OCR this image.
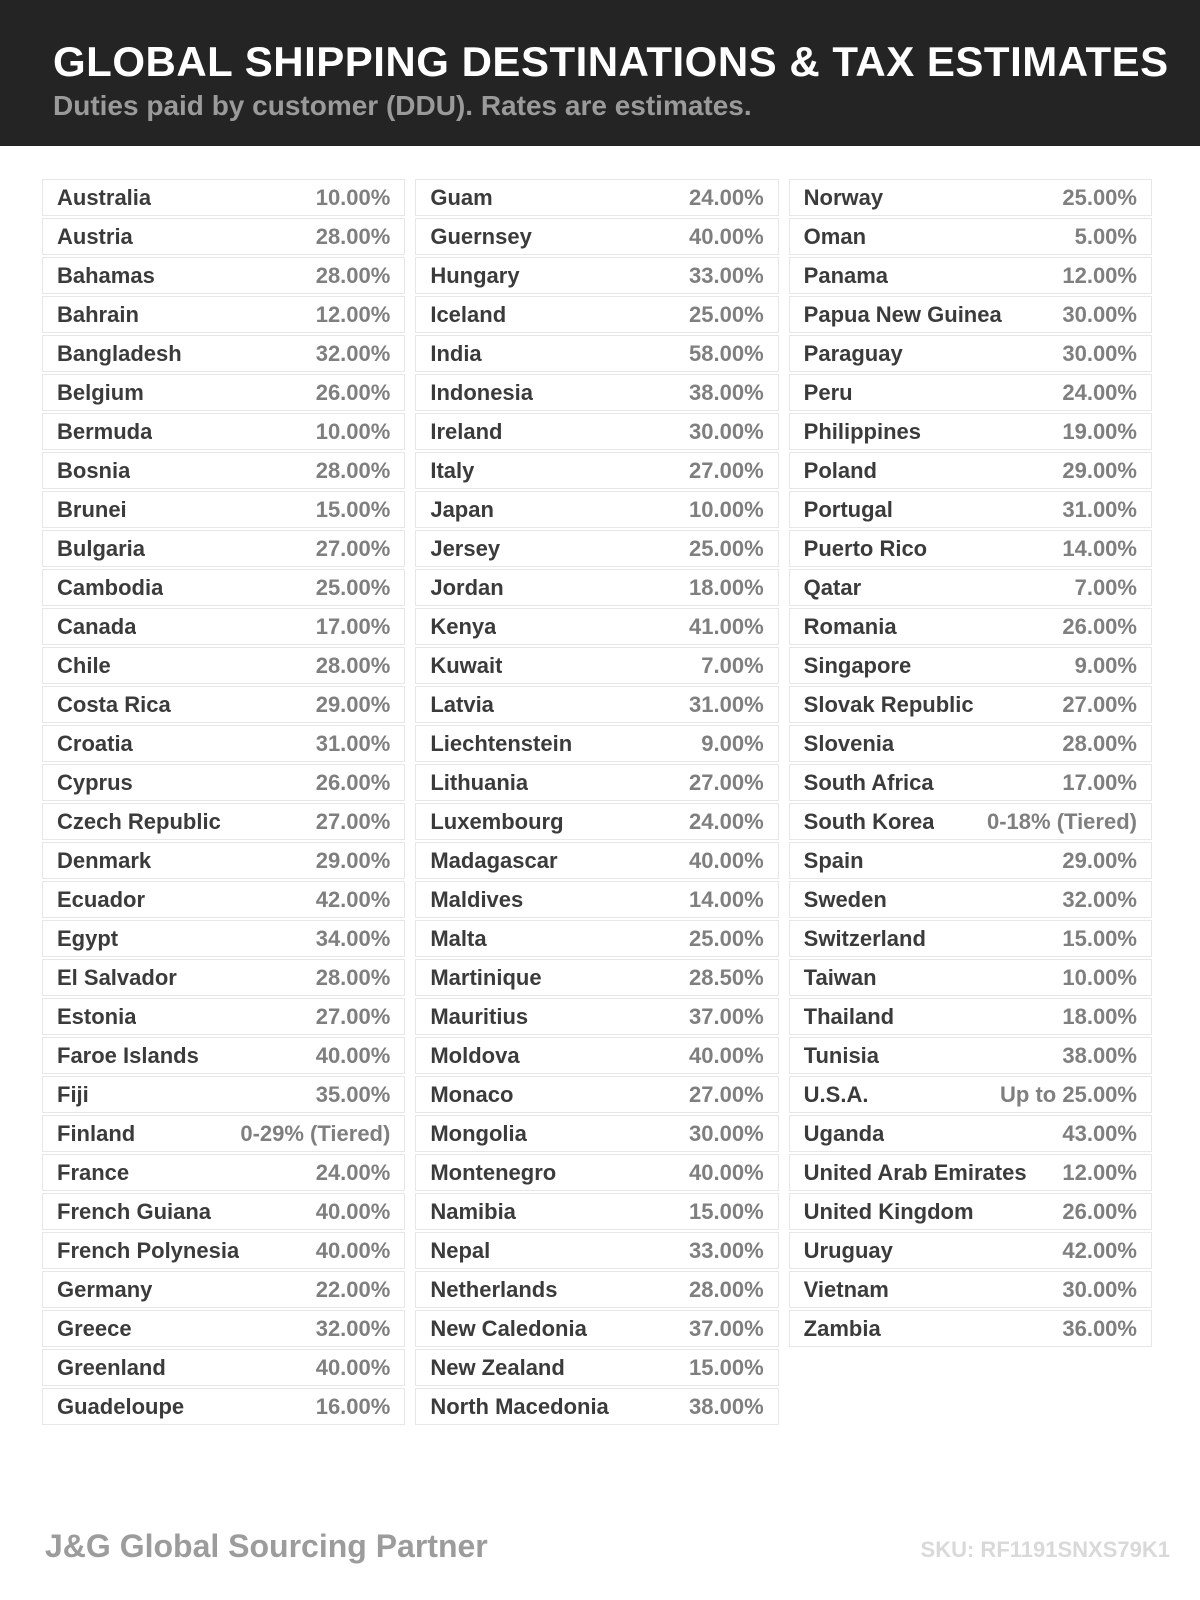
GLOBAL SHIPPING DESTINATIONS & TAX ESTIMATES

Duties paid by customer (DDU). Rates are estimates.

Australia	10.00%
Austria	28.00%
Bahamas	28.00%
Bahrain	12.00%
Bangladesh	32.00%
Belgium	26.00%
Bermuda	10.00%
Bosnia	28.00%
Brunei	15.00%
Bulgaria	27.00%
Cambodia	25.00%
Canada	17.00%
Chile	28.00%
Costa Rica	29.00%
Croatia	31.00%
Cyprus	26.00%
Czech Republic	27.00%
Denmark	29.00%
Ecuador	42.00%
Egypt	34.00%
El Salvador	28.00%
Estonia	27.00%
Faroe Islands	40.00%
Fiji	35.00%
Finland	0-29% (Tiered)
France	24.00%
French Guiana	40.00%
French Polynesia	40.00%
Germany	22.00%
Greece	32.00%
Greenland	40.00%
Guadeloupe	16.00%
Guam	24.00%
Guernsey	40.00%
Hungary	33.00%
Iceland	25.00%
India	58.00%
Indonesia	38.00%
Ireland	30.00%
Italy	27.00%
Japan	10.00%
Jersey	25.00%
Jordan	18.00%
Kenya	41.00%
Kuwait	7.00%
Latvia	31.00%
Liechtenstein	9.00%
Lithuania	27.00%
Luxembourg	24.00%
Madagascar	40.00%
Maldives	14.00%
Malta	25.00%
Martinique	28.50%
Mauritius	37.00%
Moldova	40.00%
Monaco	27.00%
Mongolia	30.00%
Montenegro	40.00%
Namibia	15.00%
Nepal	33.00%
Netherlands	28.00%
New Caledonia	37.00%
New Zealand	15.00%
North Macedonia	38.00%
Norway	25.00%
Oman	5.00%
Panama	12.00%
Papua New Guinea	30.00%
Paraguay	30.00%
Peru	24.00%
Philippines	19.00%
Poland	29.00%
Portugal	31.00%
Puerto Rico	14.00%
Qatar	7.00%
Romania	26.00%
Singapore	9.00%
Slovak Republic	27.00%
Slovenia	28.00%
South Africa	17.00%
South Korea 0-18% (Tiered)
Spain	29.00%
Sweden	32.00%
Switzerland	15.00%
Taiwan	10.00%
Thailand	18.00%
Tunisia	38.00%
U.S.A.	Up to 25.00%
Uganda	43.00%
United Arab Emirates 12.00%
United Kingdom	26.00%
Uruguay	42.00%
Vietnam	30.00%
Zambia	36.00%
J&G Global Sourcing Partner	SKU: RF1191SNXS79K1
